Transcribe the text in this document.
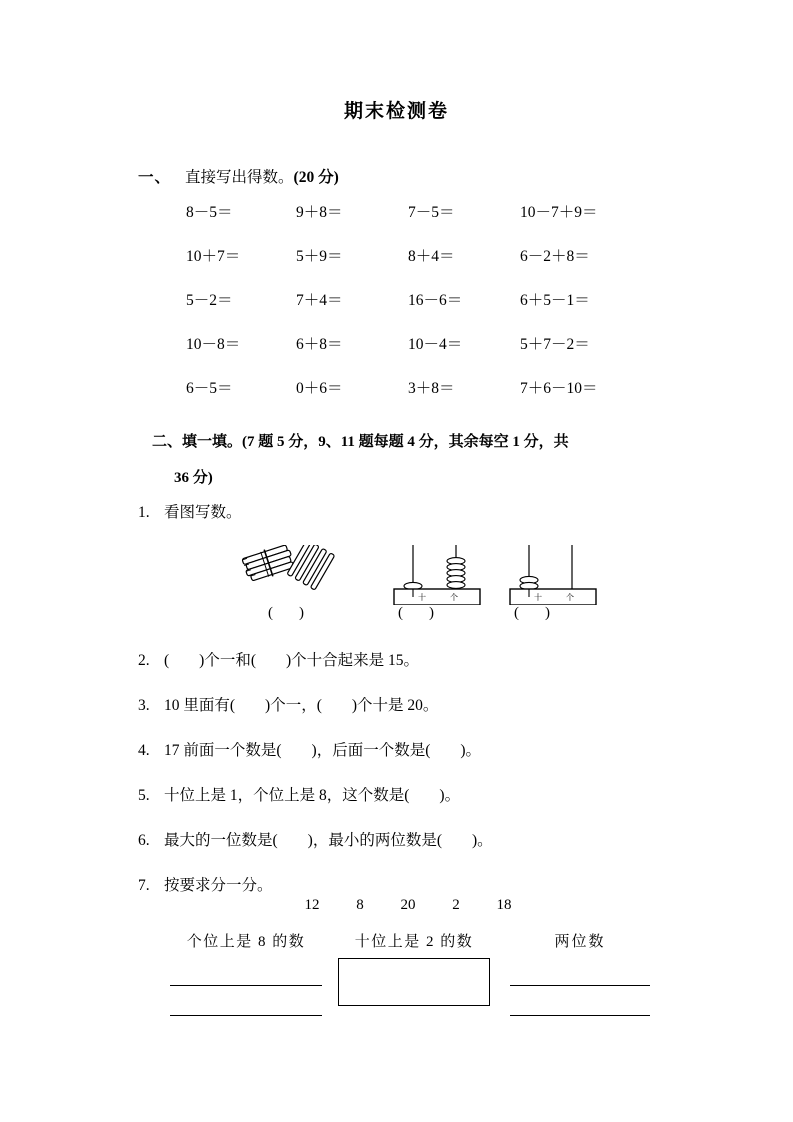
期末检测卷
一、 直接写出得数。(20 分)
8－5＝	9＋8＝	7－5＝	10－7＋9＝
10＋7＝	5＋9＝	8＋4＝	6－2＋8＝
5－2＝	7＋4＝	16－6＝	6＋5－1＝
10－8＝	6＋8＝	10－4＝	5＋7－2＝
6－5＝	0＋6＝	3＋8＝	7＋6－10＝
二、填一填。(7 题 5 分，9、11 题每题 4 分，其余每空 1 分，共
36 分)
1. 看图写数。
( )
十	个
( )
十	个
( )
2. ( )个一和( )个十合起来是 15。
3. 10 里面有( )个一，( )个十是 20。
4. 17 前面一个数是( )，后面一个数是( )。
5. 十位上是 1，个位上是 8，这个数是( )。
6. 最大的一位数是( )，最小的两位数是( )。
7. 按要求分一分。
12 8 20 2 18
个位上是 8 的数	十位上是 2 的数	两位数
